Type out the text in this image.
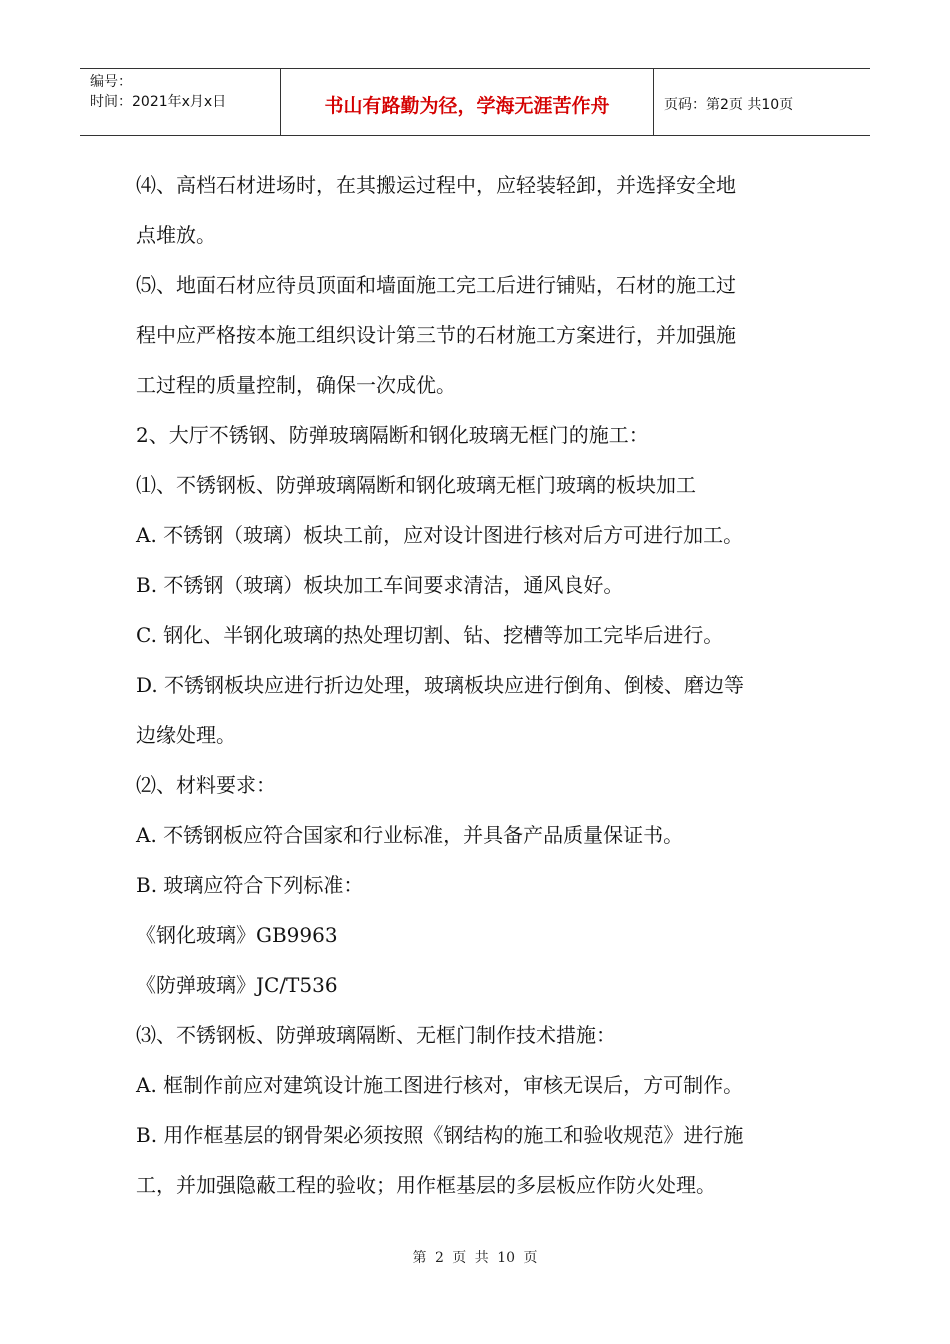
编号：
时间：2021年x月x日	书山有路勤为径，学海无涯苦作舟	页码：第2页 共10页

⑷、高档石材进场时，在其搬运过程中，应轻装轻卸，并选择安全地

点堆放。

⑸、地面石材应待员顶面和墙面施工完工后进行铺贴，石材的施工过

程中应严格按本施工组织设计第三节的石材施工方案进行，并加强施

工过程的质量控制，确保一次成优。

2、大厅不锈钢、防弹玻璃隔断和钢化玻璃无框门的施工：

⑴、不锈钢板、防弹玻璃隔断和钢化玻璃无框门玻璃的板块加工

A. 不锈钢（玻璃）板块工前，应对设计图进行核对后方可进行加工。

B. 不锈钢（玻璃）板块加工车间要求清洁，通风良好。

C. 钢化、半钢化玻璃的热处理切割、钻、挖槽等加工完毕后进行。

D. 不锈钢板块应进行折边处理，玻璃板块应进行倒角、倒棱、磨边等

边缘处理。

⑵、材料要求：

A. 不锈钢板应符合国家和行业标准，并具备产品质量保证书。

B. 玻璃应符合下列标准：

《钢化玻璃》GB9963

《防弹玻璃》JC/T536

⑶、不锈钢板、防弹玻璃隔断、无框门制作技术措施：

A. 框制作前应对建筑设计施工图进行核对，审核无误后，方可制作。

B. 用作框基层的钢骨架必须按照《钢结构的施工和验收规范》进行施

工，并加强隐蔽工程的验收；用作框基层的多层板应作防火处理。

第 2 页 共 10 页
